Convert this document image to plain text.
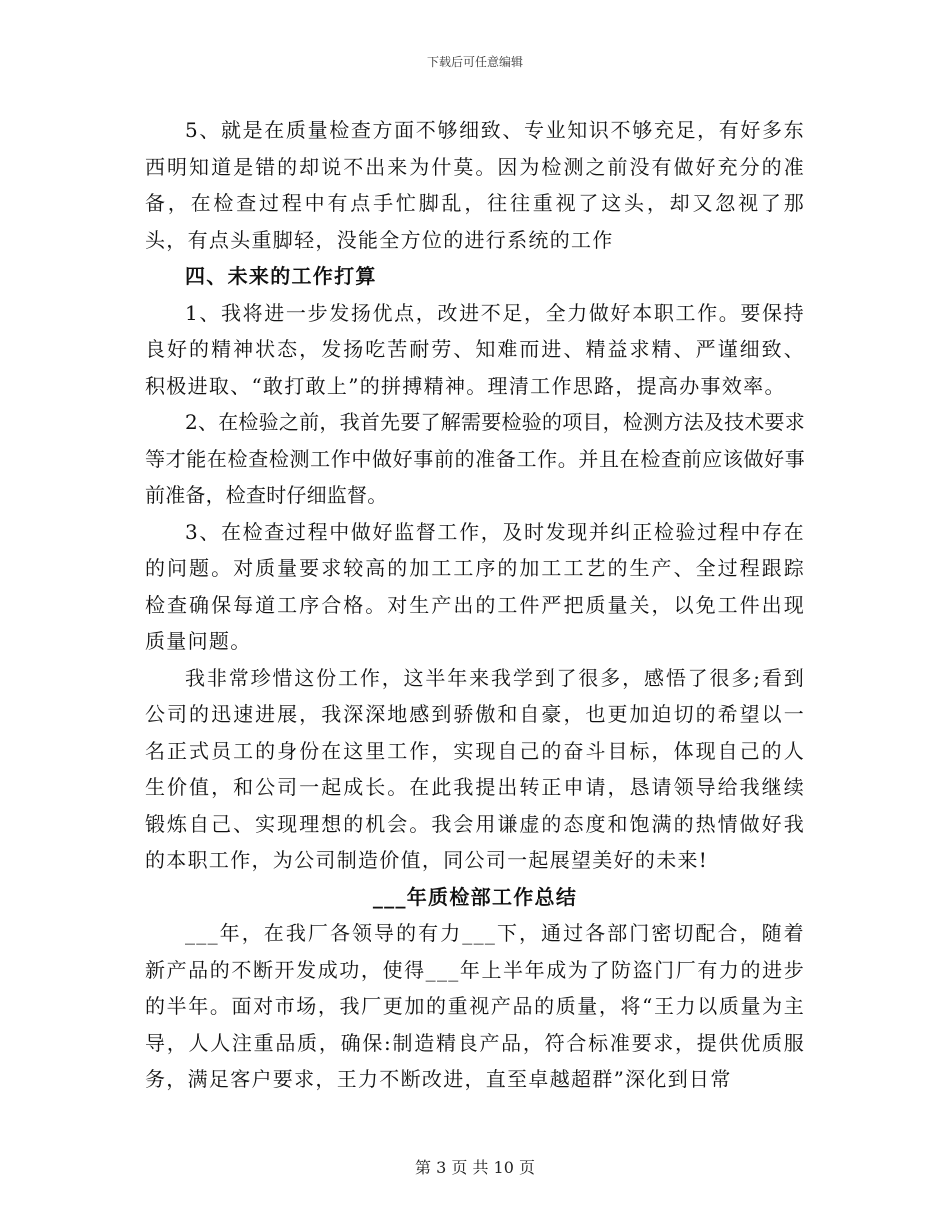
下载后可任意编辑

5、就是在质量检查方面不够细致、专业知识不够充足，有好多东西明知道是错的却说不出来为什莫。因为检测之前没有做好充分的准备，在检查过程中有点手忙脚乱，往往重视了这头，却又忽视了那头，有点头重脚轻，没能全方位的进行系统的工作

四、未来的工作打算

1、我将进一步发扬优点，改进不足，全力做好本职工作。要保持良好的精神状态，发扬吃苦耐劳、知难而进、精益求精、严谨细致、积极进取、“敢打敢上”的拼搏精神。理清工作思路，提高办事效率。

2、在检验之前，我首先要了解需要检验的项目，检测方法及技术要求等才能在检查检测工作中做好事前的准备工作。并且在检查前应该做好事前准备，检查时仔细监督。

3、在检查过程中做好监督工作，及时发现并纠正检验过程中存在的问题。对质量要求较高的加工工序的加工工艺的生产、全过程跟踪检查确保每道工序合格。对生产出的工件严把质量关，以免工件出现质量问题。

我非常珍惜这份工作，这半年来我学到了很多，感悟了很多;看到公司的迅速进展，我深深地感到骄傲和自豪，也更加迫切的希望以一名正式员工的身份在这里工作，实现自己的奋斗目标，体现自己的人生价值，和公司一起成长。在此我提出转正申请，恳请领导给我继续锻炼自己、实现理想的机会。我会用谦虚的态度和饱满的热情做好我的本职工作，为公司制造价值，同公司一起展望美好的未来!

___年质检部工作总结

___年，在我厂各领导的有力___下，通过各部门密切配合，随着新产品的不断开发成功，使得___年上半年成为了防盗门厂有力的进步的半年。面对市场，我厂更加的重视产品的质量，将“王力以质量为主导，人人注重品质，确保:制造精良产品，符合标准要求，提供优质服务，满足客户要求，王力不断改进，直至卓越超群”深化到日常

第 3 页 共 10 页
